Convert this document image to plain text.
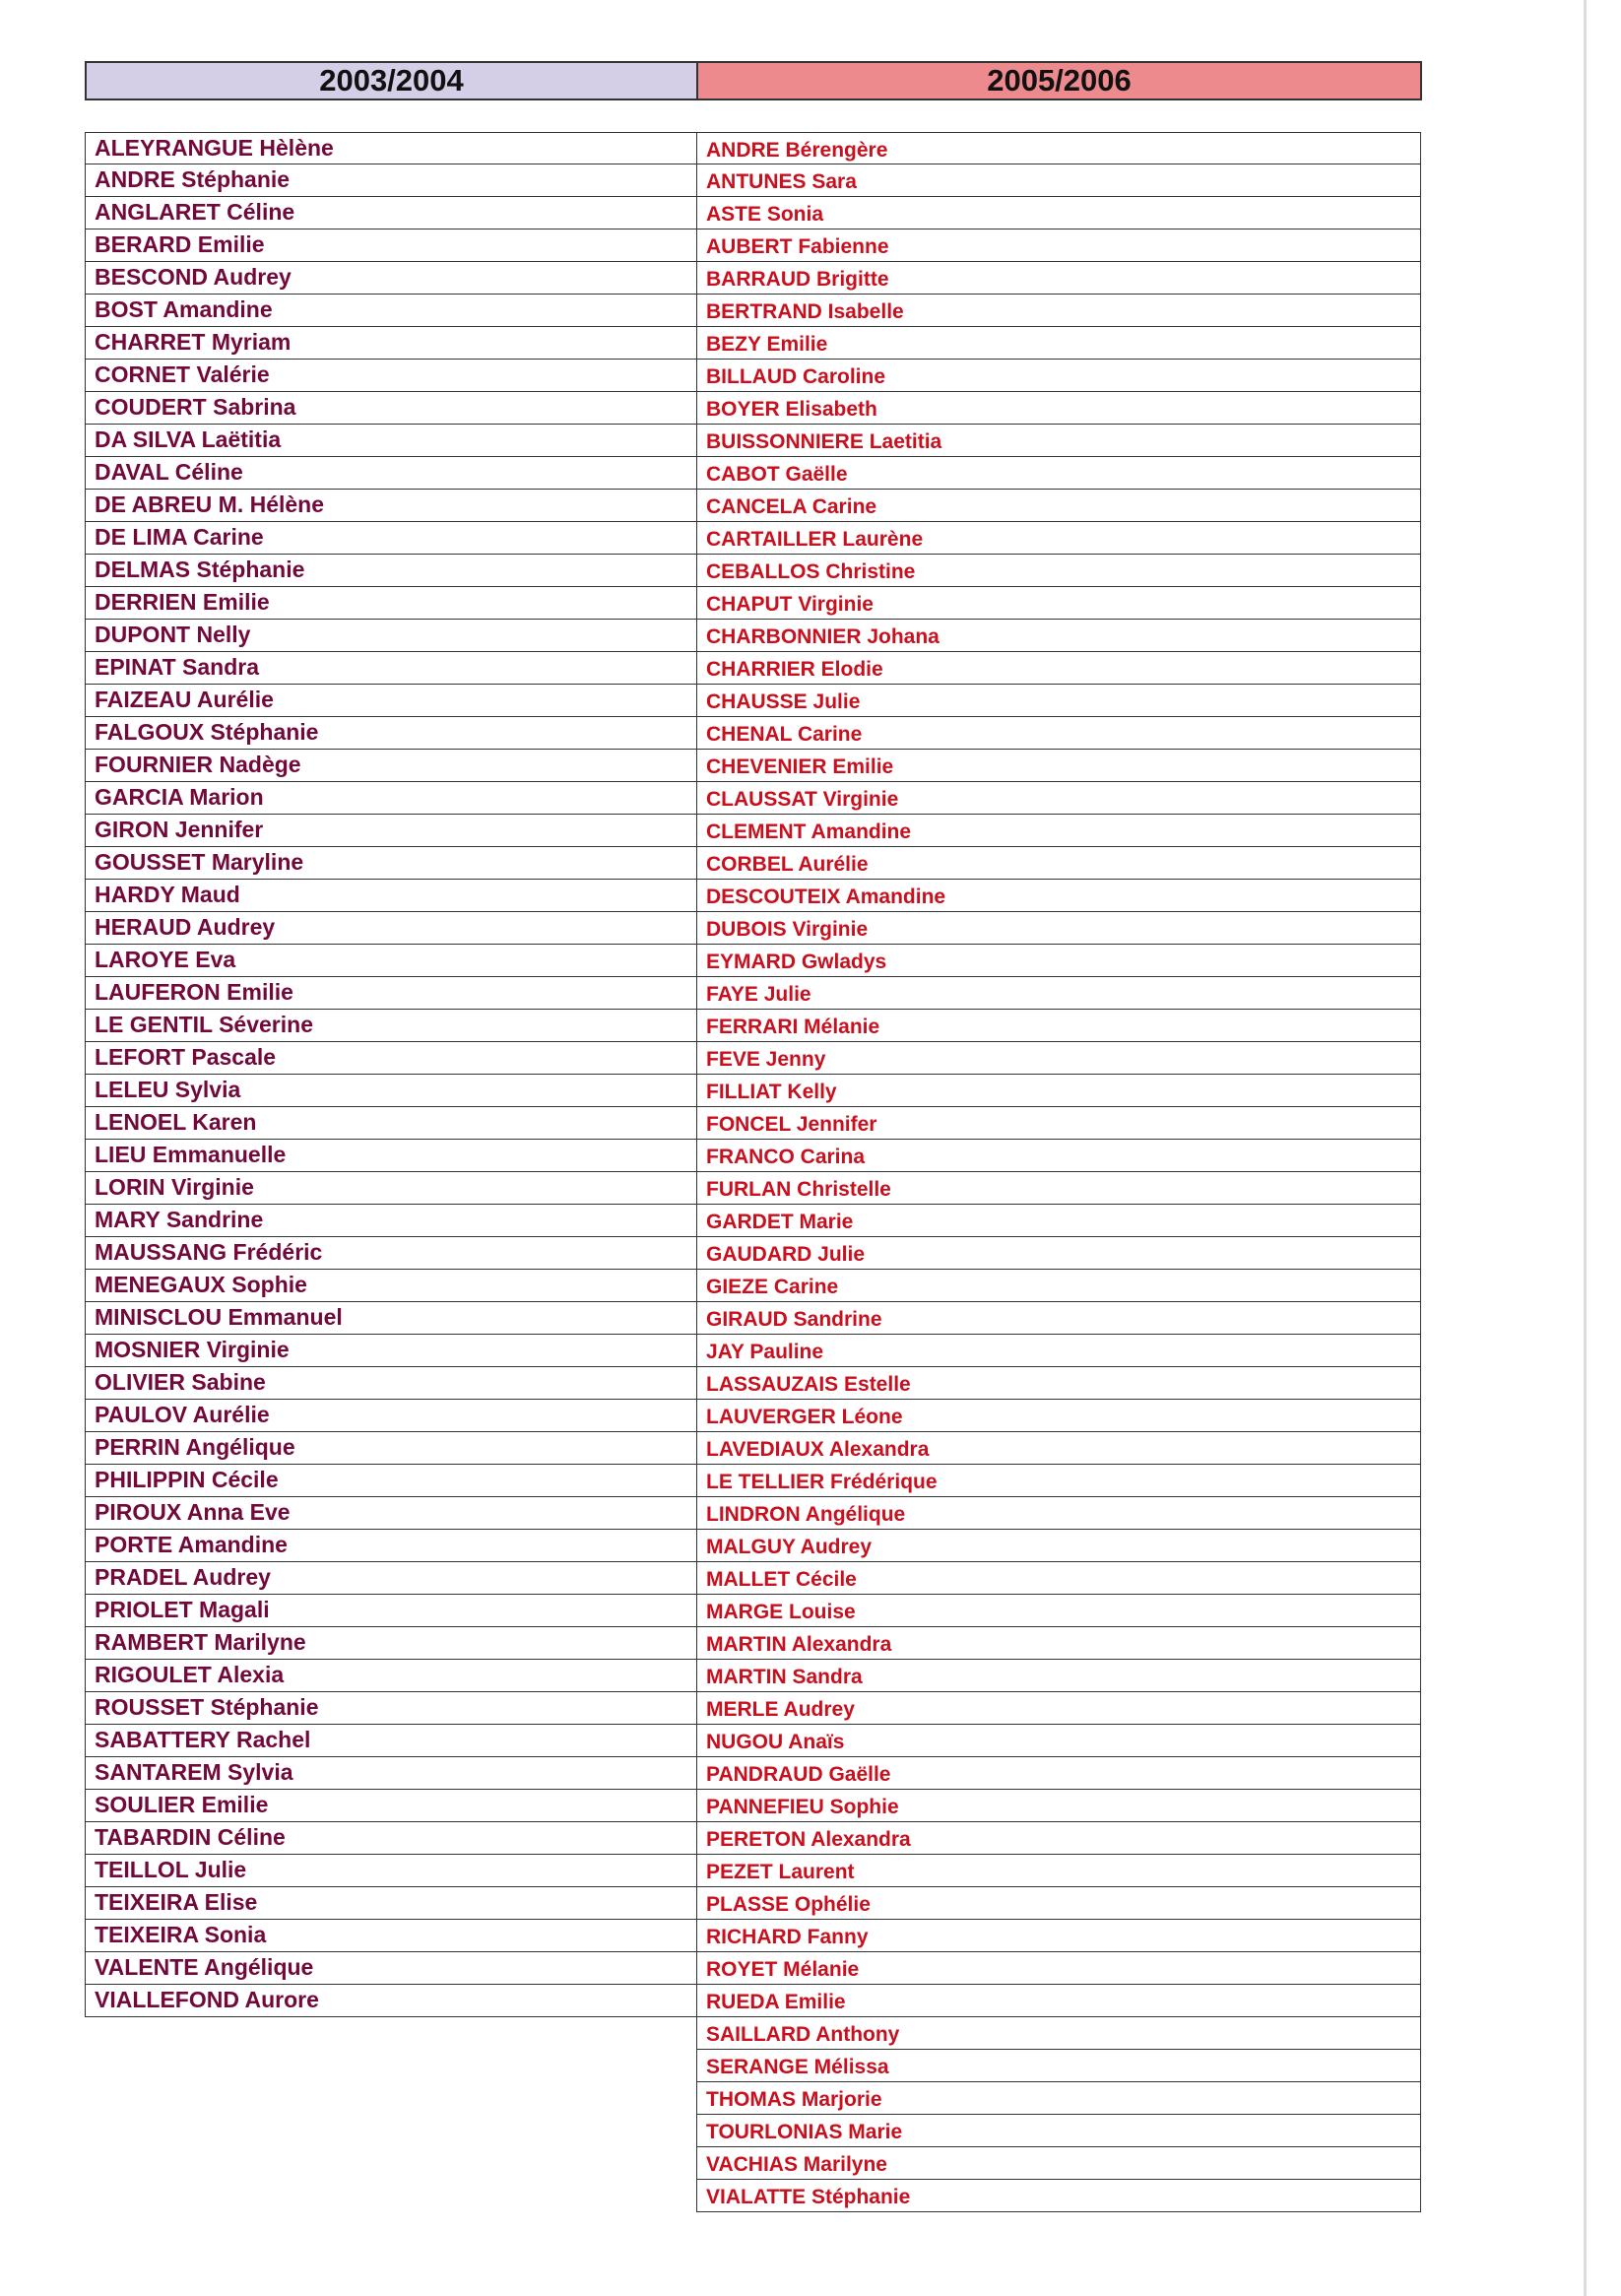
2003/2004	2005/2006
ALEYRANGUE Hèlène
ANDRE Stéphanie
ANGLARET Céline
BERARD Emilie
BESCOND Audrey
BOST Amandine
CHARRET Myriam
CORNET Valérie
COUDERT Sabrina
DA SILVA Laëtitia
DAVAL Céline
DE ABREU M. Hélène
DE LIMA Carine
DELMAS Stéphanie
DERRIEN Emilie
DUPONT Nelly
EPINAT Sandra
FAIZEAU Aurélie
FALGOUX Stéphanie
FOURNIER Nadège
GARCIA Marion
GIRON Jennifer
GOUSSET Maryline
HARDY Maud
HERAUD Audrey
LAROYE Eva
LAUFERON Emilie
LE GENTIL Séverine
LEFORT Pascale
LELEU Sylvia
LENOEL Karen
LIEU Emmanuelle
LORIN Virginie
MARY Sandrine
MAUSSANG Frédéric
MENEGAUX Sophie
MINISCLOU Emmanuel
MOSNIER Virginie
OLIVIER Sabine
PAULOV Aurélie
PERRIN Angélique
PHILIPPIN Cécile
PIROUX Anna Eve
PORTE Amandine
PRADEL Audrey
PRIOLET Magali
RAMBERT Marilyne
RIGOULET Alexia
ROUSSET Stéphanie
SABATTERY Rachel
SANTAREM Sylvia
SOULIER Emilie
TABARDIN Céline
TEILLOL Julie
TEIXEIRA Elise
TEIXEIRA Sonia
VALENTE Angélique
VIALLEFOND Aurore
ANDRE Bérengère
ANTUNES Sara
ASTE Sonia
AUBERT Fabienne
BARRAUD Brigitte
BERTRAND Isabelle
BEZY Emilie
BILLAUD Caroline
BOYER Elisabeth
BUISSONNIERE Laetitia
CABOT Gaëlle
CANCELA Carine
CARTAILLER Laurène
CEBALLOS Christine
CHAPUT Virginie
CHARBONNIER Johana
CHARRIER Elodie
CHAUSSE Julie
CHENAL Carine
CHEVENIER Emilie
CLAUSSAT Virginie
CLEMENT Amandine
CORBEL Aurélie
DESCOUTEIX Amandine
DUBOIS Virginie
EYMARD Gwladys
FAYE Julie
FERRARI Mélanie
FEVE Jenny
FILLIAT Kelly
FONCEL Jennifer
FRANCO Carina
FURLAN Christelle
GARDET Marie
GAUDARD Julie
GIEZE Carine
GIRAUD Sandrine
JAY Pauline
LASSAUZAIS Estelle
LAUVERGER Léone
LAVEDIAUX Alexandra
LE TELLIER Frédérique
LINDRON Angélique
MALGUY Audrey
MALLET Cécile
MARGE Louise
MARTIN Alexandra
MARTIN Sandra
MERLE Audrey
NUGOU Anaïs
PANDRAUD Gaëlle
PANNEFIEU Sophie
PERETON Alexandra
PEZET Laurent
PLASSE Ophélie
RICHARD Fanny
ROYET Mélanie
RUEDA Emilie
SAILLARD Anthony
SERANGE Mélissa
THOMAS Marjorie
TOURLONIAS Marie
VACHIAS Marilyne
VIALATTE Stéphanie
